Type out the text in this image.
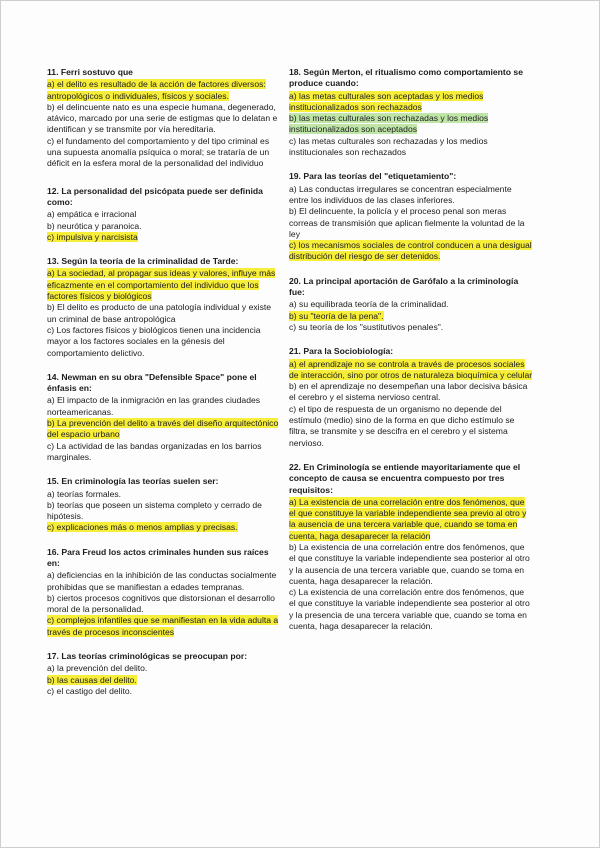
11. Ferri sostuvo que

a) el delito es resultado de la acción de factores diversos: antropológicos o individuales, físicos y sociales.

b) el delincuente nato es una especie humana, degenerado, atávico, marcado por una serie de estigmas que lo delatan e identifican y se transmite por vía hereditaria.

c) el fundamento del comportamiento y del tipo criminal es una supuesta anomalía psíquica o moral; se trataría de un déficit en la esfera moral de la personalidad del individuo

12. La personalidad del psicópata puede ser definida como:

a) empática e irracional

b) neurótica y paranoica.

c) impulsiva y narcisista

13. Según la teoría de la criminalidad de Tarde:

a) La sociedad, al propagar sus ideas y valores, influye más eficazmente en el comportamiento del individuo que los factores físicos y biológicos

b) El delito es producto de una patología individual y existe un criminal de base antropológica

c) Los factores físicos y biológicos tienen una incidencia mayor a los factores sociales en la génesis del comportamiento delictivo.

14. Newman en su obra "Defensible Space" pone el énfasis en:

a) El impacto de la inmigración en las grandes ciudades norteamericanas.

b) La prevención del delito a través del diseño arquitectónico del espacio urbano

c) La actividad de las bandas organizadas en los barrios marginales.

15. En criminología las teorías suelen ser:

a) teorías formales.

b) teorías que poseen un sistema completo y cerrado de hipótesis.

c) explicaciones más o menos amplias y precisas.

16. Para Freud los actos criminales hunden sus raíces en:

a) deficiencias en la inhibición de las conductas socialmente prohibidas que se manifiestan a edades tempranas.

b) ciertos procesos cognitivos que distorsionan el desarrollo moral de la personalidad.

c) complejos infantiles que se manifiestan en la vida adulta a través de procesos inconscientes

17. Las teorías criminológicas se preocupan por:

a) la prevención del delito.

b) las causas del delito.

c) el castigo del delito.

18. Según Merton, el ritualismo como comportamiento se produce cuando:

a) las metas culturales son aceptadas y los medios institucionalizados son rechazados

b) las metas culturales son rechazadas y los medios institucionalizados son aceptados

c) las metas culturales son rechazadas y los medios institucionales son rechazados

19. Para las teorías del "etiquetamiento":

a) Las conductas irregulares se concentran especialmente entre los individuos de las clases inferiores.

b) El delincuente, la policía y el proceso penal son meras correas de transmisión que aplican fielmente la voluntad de la ley

c) los mecanismos sociales de control conducen a una desigual distribución del riesgo de ser detenidos.

20. La principal aportación de Garófalo a la criminología fue:

a) su equilibrada teoría de la criminalidad.

b) su "teoría de la pena".

c) su teoría de los "sustitutivos penales".

21. Para la Sociobiología:

a) el aprendizaje no se controla a través de procesos sociales de interacción, sino por otros de naturaleza bioquímica y celular

b) en el aprendizaje no desempeñan una labor decisiva básica el cerebro y el sistema nervioso central.

c) el tipo de respuesta de un organismo no depende del estímulo (medio) sino de la forma en que dicho estímulo se filtra, se transmite y se descifra en el cerebro y el sistema nervioso.

22. En Criminología se entiende mayoritariamente que el concepto de causa se encuentra compuesto por tres requisitos:

a) La existencia de una correlación entre dos fenómenos, que el que constituye la variable independiente sea previo al otro y la ausencia de una tercera variable que, cuando se toma en cuenta, haga desaparecer la relación

b) La existencia de una correlación entre dos fenómenos, que el que constituye la variable independiente sea posterior al otro y la ausencia de una tercera variable que, cuando se toma en cuenta, haga desaparecer la relación.

c) La existencia de una correlación entre dos fenómenos, que el que constituye la variable independiente sea posterior al otro y la presencia de una tercera variable que, cuando se toma en cuenta, haga desaparecer la relación.
